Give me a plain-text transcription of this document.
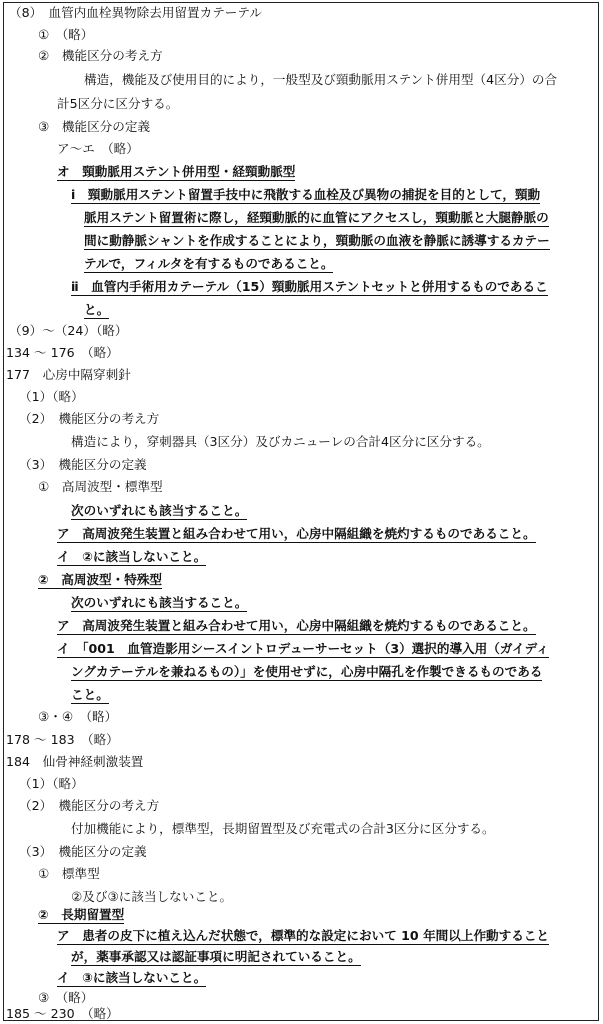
（8）　血管内血栓異物除去用留置カテーテル
①　（略）
②　機能区分の考え方
構造，機能及び使用目的により，一般型及び頸動脈用ステント併用型（4区分）の合
計5区分に区分する。
③　機能区分の定義
ア～エ　（略）
オ　頸動脈用ステント併用型・経頸動脈型
ⅰ　頸動脈用ステント留置手技中に飛散する血栓及び異物の捕捉を目的として，頸動
脈用ステント留置術に際し，経頸動脈的に血管にアクセスし，頸動脈と大腿静脈の
間に動静脈シャントを作成することにより，頸動脈の血液を静脈に誘導するカテー
テルで，フィルタを有するものであること。
ⅱ　血管内手術用カテーテル（15）頸動脈用ステントセットと併用するものであるこ
と。
（9）～（24）（略）
134 ～ 176　（略）
177　心房中隔穿刺針
（1）（略）
（2）　機能区分の考え方
構造により，穿刺器具（3区分）及びカニューレの合計4区分に区分する。
（3）　機能区分の定義
①　高周波型・標準型
次のいずれにも該当すること。
ア　高周波発生装置と組み合わせて用い，心房中隔組織を焼灼するものであること。
イ　②に該当しないこと。
②　高周波型・特殊型
次のいずれにも該当すること。
ア　高周波発生装置と組み合わせて用い，心房中隔組織を焼灼するものであること。
イ　「001　血管造影用シースイントロデューサーセット（3）選択的導入用（ガイディ
ングカテーテルを兼ねるもの）」を使用せずに，心房中隔孔を作製できるものである
こと。
③・④　（略）
178 ～ 183　（略）
184　仙骨神経刺激装置
（1）（略）
（2）　機能区分の考え方
付加機能により，標準型，長期留置型及び充電式の合計3区分に区分する。
（3）　機能区分の定義
①　標準型
②及び③に該当しないこと。
②　長期留置型
ア　患者の皮下に植え込んだ状態で，標準的な設定において 10 年間以上作動すること
が，薬事承認又は認証事項に明記されていること。
イ　③に該当しないこと。
③　（略）
185 ～ 230　（略）
